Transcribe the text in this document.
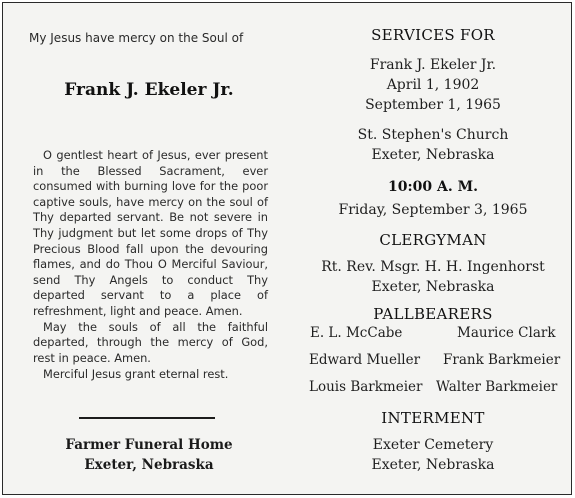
My Jesus have mercy on the Soul of
Frank J. Ekeler Jr.

O gentlest heart of Jesus, ever present in the Blessed Sacrament, ever consumed with burning love for the poor captive souls, have mercy on the soul of Thy departed servant. Be not severe in Thy judgment but let some drops of Thy Precious Blood fall upon the devouring flames, and do Thou O Merciful Saviour, send Thy Angels to conduct Thy departed servant to a place of refreshment, light and peace. Amen.

May the souls of all the faithful departed, through the mercy of God, rest in peace. Amen.

Merciful Jesus grant eternal rest.

Farmer Funeral Home
Exeter, Nebraska
SERVICES FOR
Frank J. Ekeler Jr.
April 1, 1902
September 1, 1965
St. Stephen's Church
Exeter, Nebraska
10:00 A. M.
Friday, September 3, 1965
CLERGYMAN
Rt. Rev. Msgr. H. H. Ingenhorst
Exeter, Nebraska
PALLBEARERS
E. L. McCabe	Maurice Clark
Edward Mueller Frank Barkmeier
Louis Barkmeier Walter Barkmeier
INTERMENT
Exeter Cemetery
Exeter, Nebraska
